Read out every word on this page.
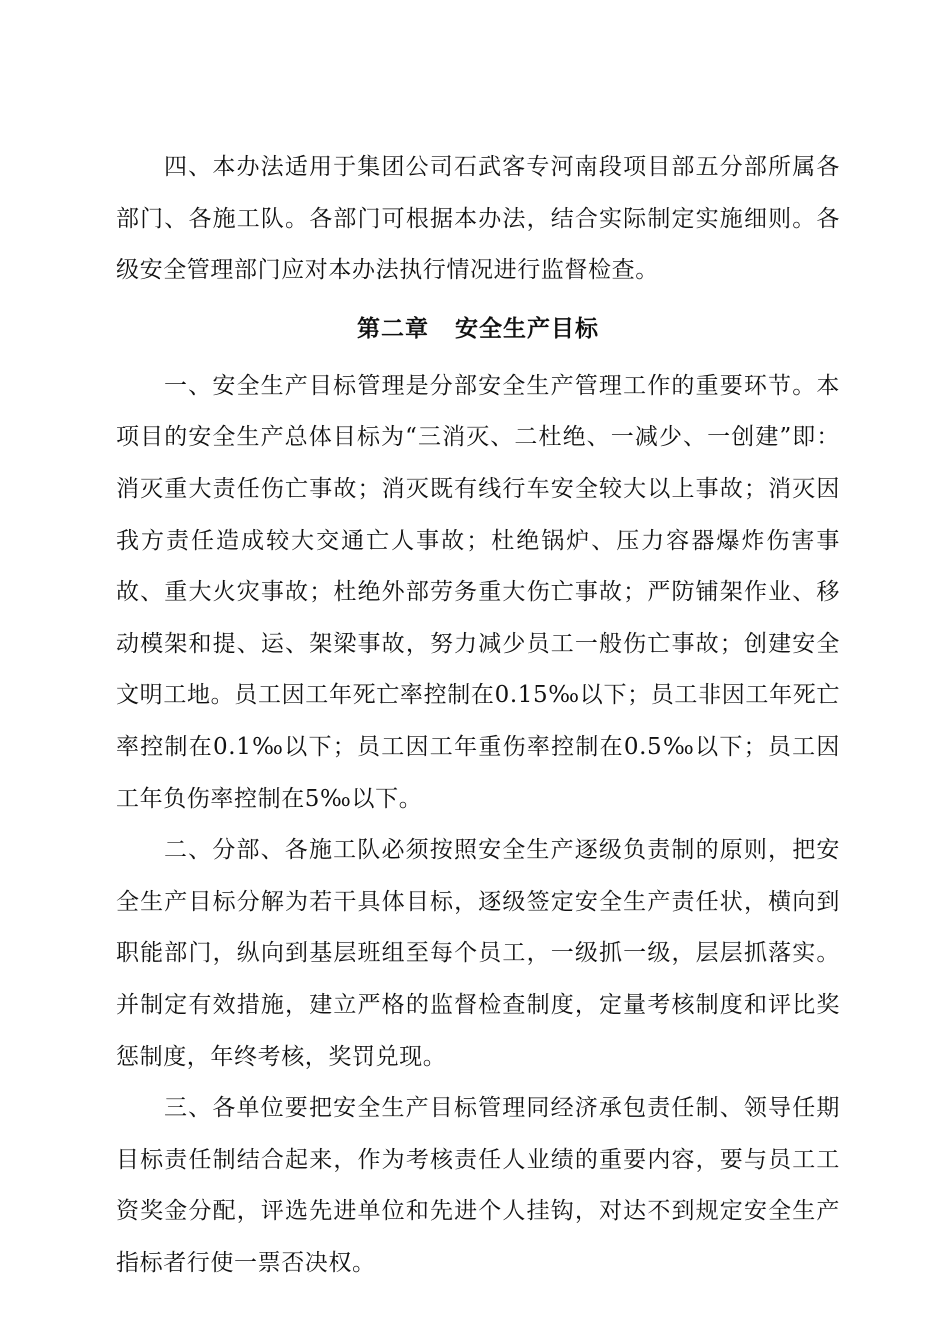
四、本办法适用于集团公司石武客专河南段项目部五分部所属各部门、各施工队。各部门可根据本办法，结合实际制定实施细则。各级安全管理部门应对本办法执行情况进行监督检查。

第二章 安全生产目标

一、安全生产目标管理是分部安全生产管理工作的重要环节。本项目的安全生产总体目标为“三消灭、二杜绝、一减少、一创建”即：消灭重大责任伤亡事故；消灭既有线行车安全较大以上事故；消灭因我方责任造成较大交通亡人事故；杜绝锅炉、压力容器爆炸伤害事故、重大火灾事故；杜绝外部劳务重大伤亡事故；严防铺架作业、移动模架和提、运、架梁事故，努力减少员工一般伤亡事故；创建安全文明工地。员工因工年死亡率控制在0.15‰以下；员工非因工年死亡率控制在0.1‰以下；员工因工年重伤率控制在0.5‰以下；员工因工年负伤率控制在5‰以下。

二、分部、各施工队必须按照安全生产逐级负责制的原则，把安全生产目标分解为若干具体目标，逐级签定安全生产责任状，横向到职能部门，纵向到基层班组至每个员工，一级抓一级，层层抓落实。并制定有效措施，建立严格的监督检查制度，定量考核制度和评比奖惩制度，年终考核，奖罚兑现。

三、各单位要把安全生产目标管理同经济承包责任制、领导任期目标责任制结合起来，作为考核责任人业绩的重要内容，要与员工工资奖金分配，评选先进单位和先进个人挂钩，对达不到规定安全生产指标者行使一票否决权。
